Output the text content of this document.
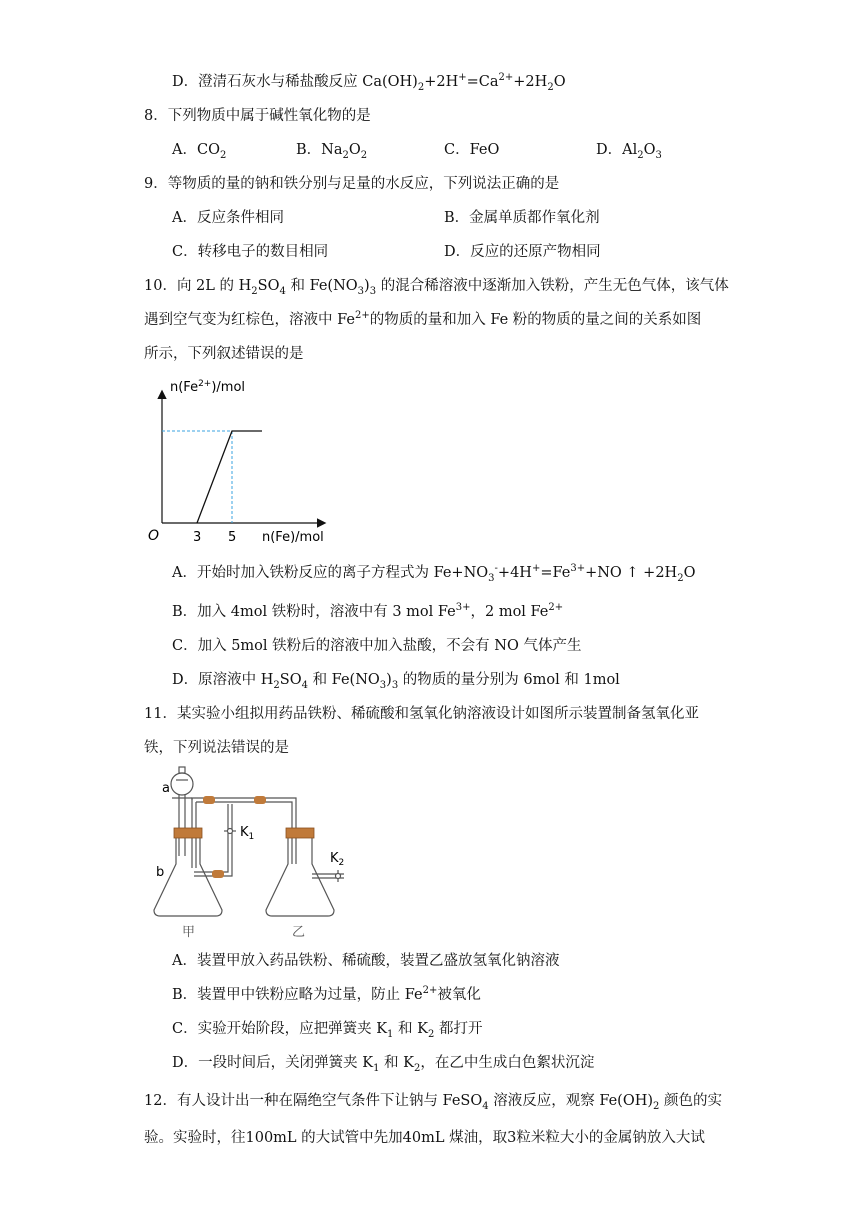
D．澄清石灰水与稀盐酸反应 $Ca(OH)_2+2H^+=Ca^{2+}+2H_2O$
8．下列物质中属于碱性氧化物的是
A．$CO_2$	B．$Na_2O_2$	C．FeO	D．$Al_2O_3$
9．等物质的量的钠和铁分别与足量的水反应，下列说法正确的是
A．反应条件相同	B．金属单质都作氧化剂
C．转移电子的数目相同	D．反应的还原产物相同
10．向 2L 的 $H_2SO_4$ 和 $Fe(NO_3)_3$ 的混合稀溶液中逐渐加入铁粉，产生无色气体，该气体
遇到空气变为红棕色，溶液中 $Fe^{2+}$的物质的量和加入 Fe 粉的物质的量之间的关系如图
所示，下列叙述错误的是
$n(Fe^{2+})$/mol
O	3 5 n(Fe)/mol
A．开始时加入铁粉反应的离子方程式为 $Fe+NO_3^-+4H^+=Fe^{3+}+NO$ ↑ $+2H_2O$
B．加入 4mol 铁粉时，溶液中有 3 mol $Fe^{3+}$，2 mol $Fe^{2+}$
C．加入 5mol 铁粉后的溶液中加入盐酸，不会有 NO 气体产生
D．原溶液中 $H_2SO_4$ 和 $Fe(NO_3)_3$ 的物质的量分别为 6mol 和 1mol
11．某实验小组拟用药品铁粉、稀硫酸和氢氧化钠溶液设计如图所示装置制备氢氧化亚
铁，下列说法错误的是
a
b
$K_1$
$K_2$
甲	乙
A．装置甲放入药品铁粉、稀硫酸，装置乙盛放氢氧化钠溶液
B．装置甲中铁粉应略为过量，防止 $Fe^{2+}$被氧化
C．实验开始阶段，应把弹簧夹 $K_1$ 和 $K_2$ 都打开
D．一段时间后，关闭弹簧夹 $K_1$ 和 $K_2$，在乙中生成白色絮状沉淀
12．有人设计出一种在隔绝空气条件下让钠与 FeSO$_4$ 溶液反应，观察 $Fe(OH)_2$ 颜色的实
验。实验时，往100mL 的大试管中先加40mL 煤油，取3粒米粒大小的金属钠放入大试
